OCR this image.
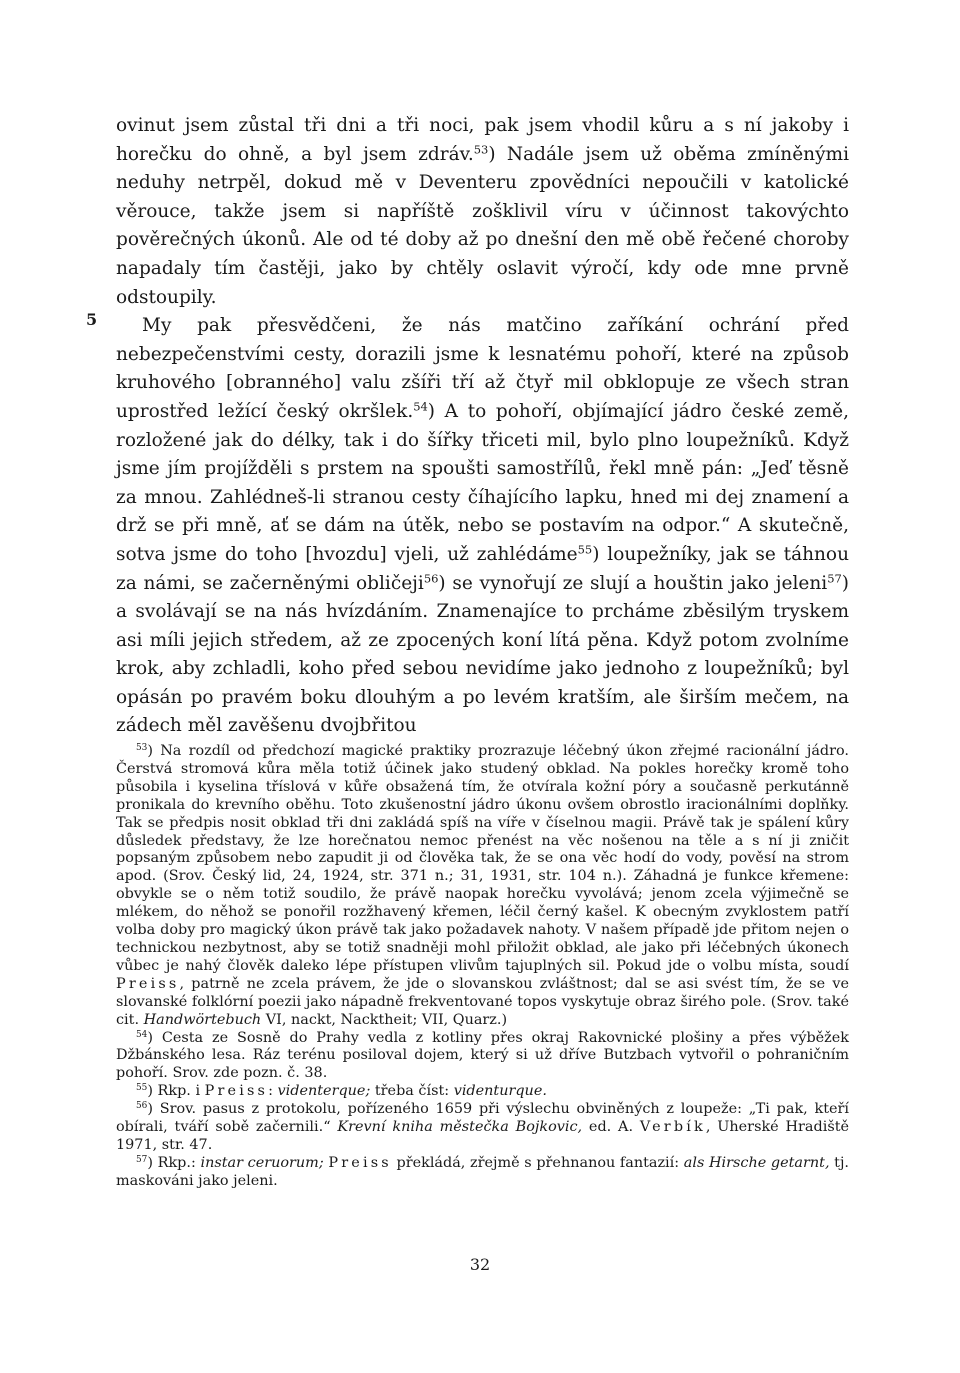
5

ovinut jsem zůstal tři dni a tři noci, pak jsem vhodil kůru a s ní jakoby i horečku do ohně, a byl jsem zdráv.$^{53}$) Nadále jsem už oběma zmíněnými neduhy netrpěl, dokud mě v Deventeru zpovědníci nepoučili v katolické věrouce, takže jsem si napříště zošklivil víru v účinnost takovýchto pověrečných úkonů. Ale od té doby až po dnešní den mě obě řečené choroby napadaly tím častěji, jako by chtěly oslavit výročí, kdy ode mne prvně odstoupily.

My pak přesvědčeni, že nás matčino zaříkání ochrání před nebezpečenstvími cesty, dorazili jsme k lesnatému pohoří, které na způsob kruhového [obranného] valu zšíři tří až čtyř mil obklopuje ze všech stran uprostřed ležící český okršlek.$^{54}$) A to pohoří, objímající jádro české země, rozložené jak do délky, tak i do šířky třiceti mil, bylo plno loupežníků. Když jsme jím projížděli s prstem na spoušti samostřílů, řekl mně pán: „Jeď těsně za mnou. Zahlédneš-li stranou cesty číhajícího lapku, hned mi dej znamení a drž se při mně, ať se dám na útěk, nebo se postavím na odpor.“ A skutečně, sotva jsme do toho [hvozdu] vjeli, už zahlédáme$^{55}$) loupežníky, jak se táhnou za námi, se začerněnými obličeji$^{56}$) se vynořují ze slují a houštin jako jeleni$^{57}$) a svolávají se na nás hvízdáním. Znamenajíce to prcháme zběsilým tryskem asi míli jejich středem, až ze zpocených koní lítá pěna. Když potom zvolníme krok, aby zchladli, koho před sebou nevidíme jako jednoho z loupežníků; byl opásán po pravém boku dlouhým a po levém kratším, ale širším mečem, na zádech měl zavěšenu dvojbřitou

$^{53}$) Na rozdíl od předchozí magické praktiky prozrazuje léčebný úkon zřejmé racionální jádro. Čerstvá stromová kůra měla totiž účinek jako studený obklad. Na pokles horečky kromě toho působila i kyselina tříslová v kůře obsažená tím, že otvírala kožní póry a současně perkutánně pronikala do krevního oběhu. Toto zkušenostní jádro úkonu ovšem obrostlo iracionálními doplňky. Tak se předpis nosit obklad tři dni zakládá spíš na víře v číselnou magii. Právě tak je spálení kůry důsledek představy, že lze horečnatou nemoc přenést na věc nošenou na těle a s ní ji zničit popsaným způsobem nebo zapudit ji od člověka tak, že se ona věc hodí do vody, pověsí na strom apod. (Srov. Český lid, 24, 1924, str. 371 n.; 31, 1931, str. 104 n.). Záhadná je funkce křemene: obvykle se o něm totiž soudilo, že právě naopak horečku vyvolává; jenom zcela výjimečně se mlékem, do něhož se ponořil rozžhavený křemen, léčil černý kašel. K obecným zvyklostem patří volba doby pro magický úkon právě tak jako požadavek nahoty. V našem případě jde přitom nejen o technickou nezbytnost, aby se totiž snadněji mohl přiložit obklad, ale jako při léčebných úkonech vůbec je nahý člověk daleko lépe přístupen vlivům tajuplných sil. Pokud jde o volbu místa, soudí Preiss, patrně ne zcela právem, že jde o slovanskou zvláštnost; dal se asi svést tím, že se ve slovanské folklórní poezii jako nápadně frekventované topos vyskytuje obraz širého pole. (Srov. také cit. Handwörtebuch VI, nackt, Nacktheit; VII, Quarz.)

$^{54}$) Cesta ze Sosně do Prahy vedla z kotliny přes okraj Rakovnické plošiny a přes výběžek Džbánského lesa. Ráz terénu posiloval dojem, který si už dříve Butzbach vytvořil o pohraničním pohoří. Srov. zde pozn. č. 38.

$^{55}$) Rkp. i Preiss: videnterque; třeba číst: videnturque.

$^{56}$) Srov. pasus z protokolu, pořízeného 1659 při výslechu obviněných z loupeže: „Ti pak, kteří obírali, tváří sobě začernili.“ Krevní kniha městečka Bojkovic, ed. A. Verbík, Uherské Hradiště 1971, str. 47.

$^{57}$) Rkp.: instar ceruorum; Preiss překládá, zřejmě s přehnanou fantazií: als Hirsche getarnt, tj. maskováni jako jeleni.

32
